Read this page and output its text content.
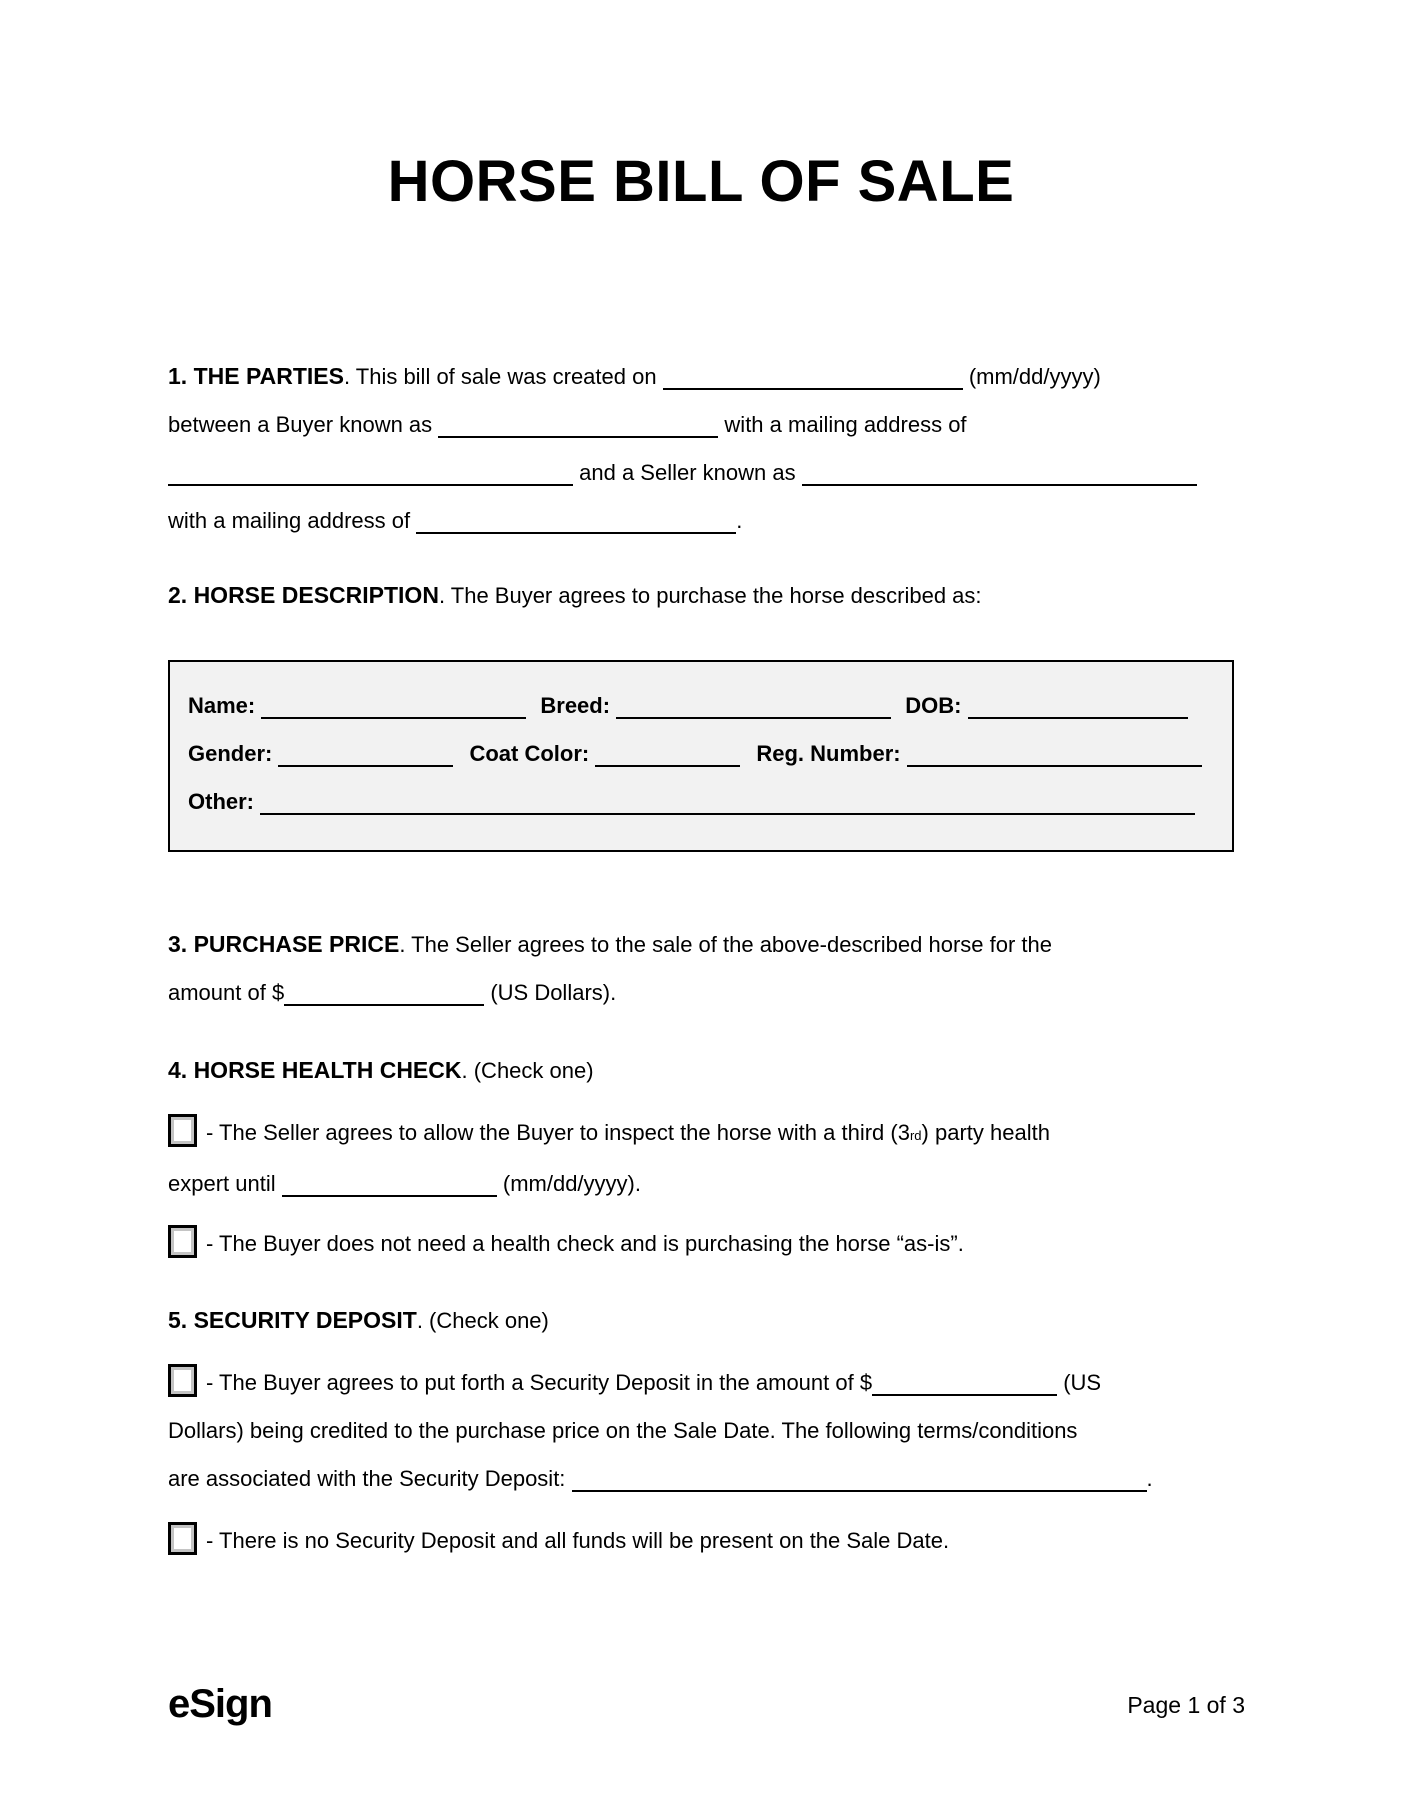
HORSE BILL OF SALE
1. THE PARTIES. This bill of sale was created on	(mm/dd/yyyy)
between a Buyer known as	with a mailing address of
and a Seller known as
with a mailing address of	.
2. HORSE DESCRIPTION. The Buyer agrees to purchase the horse described as:
Name:	Breed:	DOB:
Gender:	Coat Color:	Reg. Number:
Other:
3. PURCHASE PRICE. The Seller agrees to the sale of the above-described horse for the
amount of $	(US Dollars).
4. HORSE HEALTH CHECK. (Check one)
- The Seller agrees to allow the Buyer to inspect the horse with a third (3rd) party health
expert until	(mm/dd/yyyy).
- The Buyer does not need a health check and is purchasing the horse “as-is”.
5. SECURITY DEPOSIT. (Check one)
- The Buyer agrees to put forth a Security Deposit in the amount of $	(US
Dollars) being credited to the purchase price on the Sale Date. The following terms/conditions
are associated with the Security Deposit:	.
- There is no Security Deposit and all funds will be present on the Sale Date.
eSign	Page 1 of 3
